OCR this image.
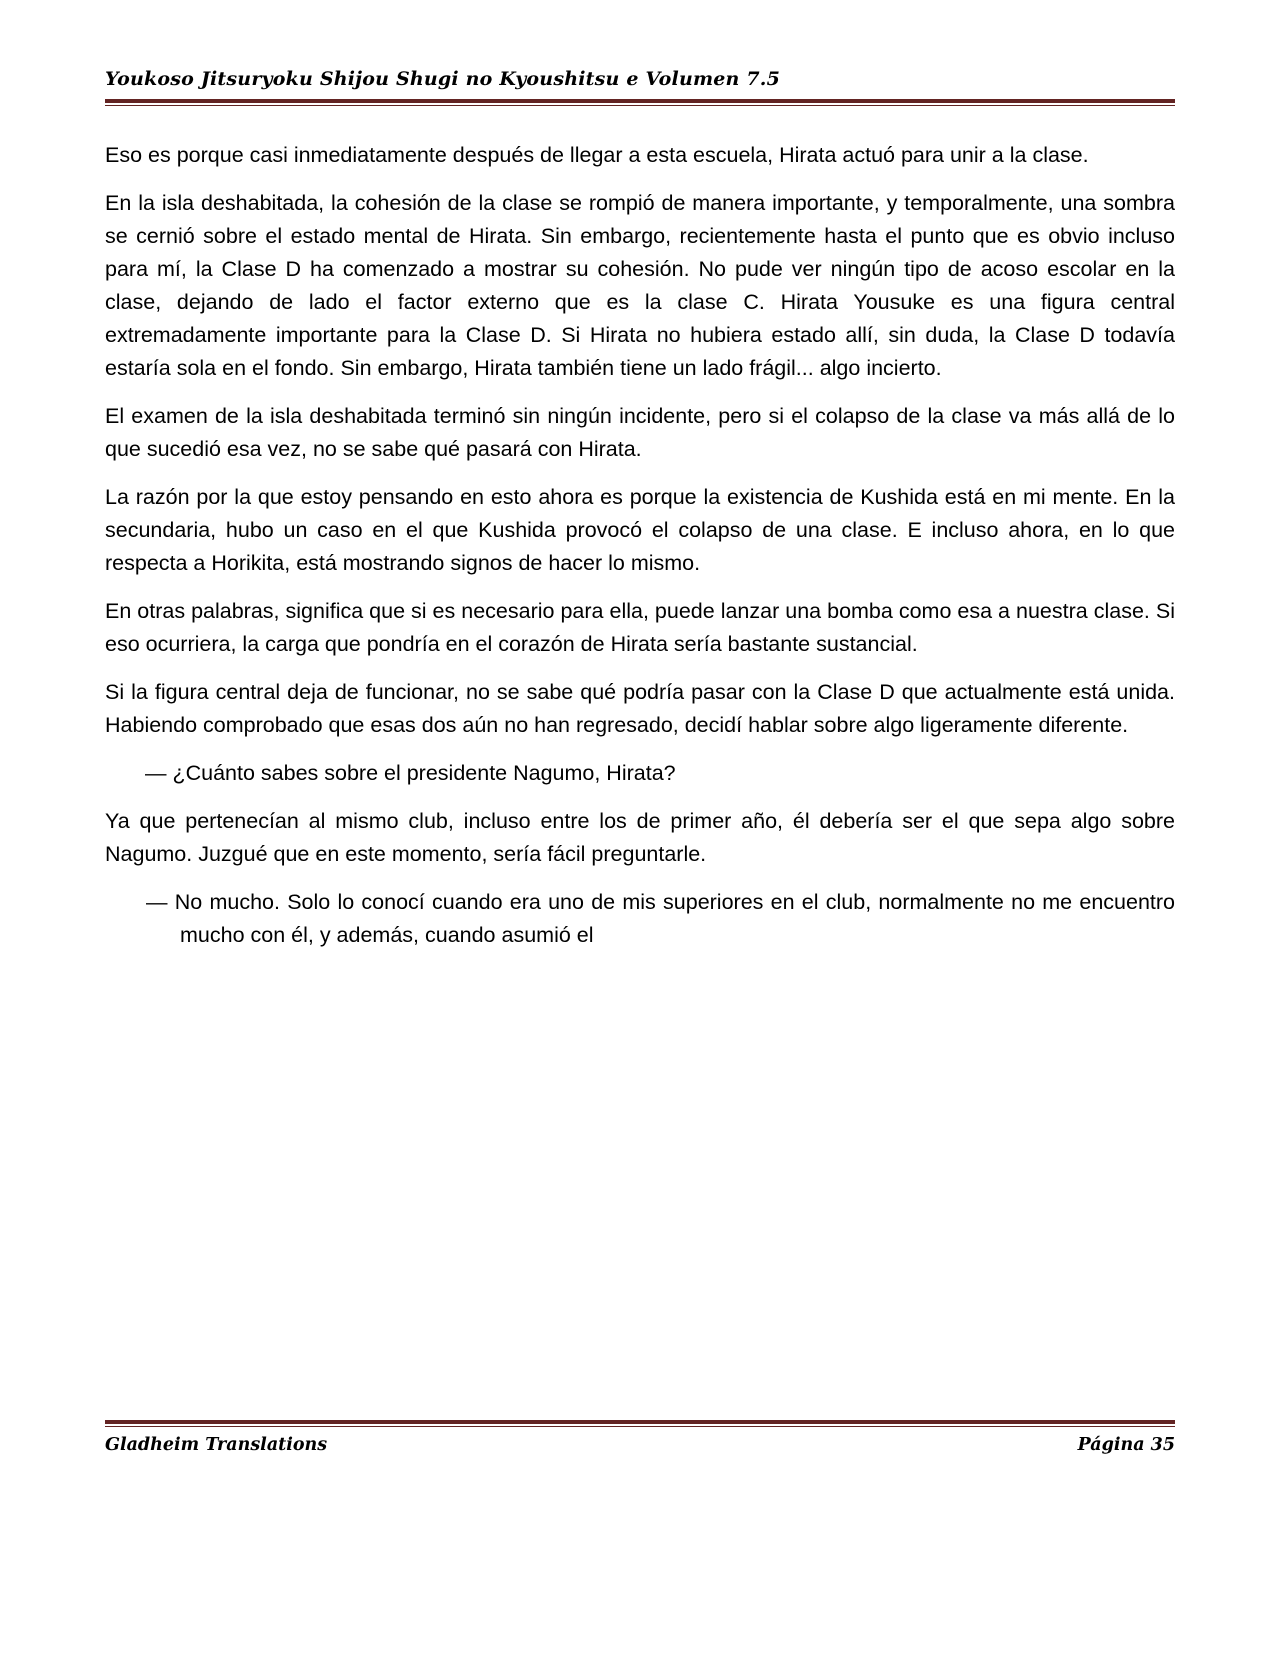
Youkoso Jitsuryoku Shijou Shugi no Kyoushitsu e Volumen 7.5

Eso es porque casi inmediatamente después de llegar a esta escuela, Hirata actuó para unir a la clase.

En la isla deshabitada, la cohesión de la clase se rompió de manera importante, y temporalmente, una sombra se cernió sobre el estado mental de Hirata. Sin embargo, recientemente hasta el punto que es obvio incluso para mí, la Clase D ha comenzado a mostrar su cohesión. No pude ver ningún tipo de acoso escolar en la clase, dejando de lado el factor externo que es la clase C. Hirata Yousuke es una figura central extremadamente importante para la Clase D. Si Hirata no hubiera estado allí, sin duda, la Clase D todavía estaría sola en el fondo. Sin embargo, Hirata también tiene un lado frágil... algo incierto.

El examen de la isla deshabitada terminó sin ningún incidente, pero si el colapso de la clase va más allá de lo que sucedió esa vez, no se sabe qué pasará con Hirata.

La razón por la que estoy pensando en esto ahora es porque la existencia de Kushida está en mi mente. En la secundaria, hubo un caso en el que Kushida provocó el colapso de una clase. E incluso ahora, en lo que respecta a Horikita, está mostrando signos de hacer lo mismo.

En otras palabras, significa que si es necesario para ella, puede lanzar una bomba como esa a nuestra clase. Si eso ocurriera, la carga que pondría en el corazón de Hirata sería bastante sustancial.

Si la figura central deja de funcionar, no se sabe qué podría pasar con la Clase D que actualmente está unida. Habiendo comprobado que esas dos aún no han regresado, decidí hablar sobre algo ligeramente diferente.

— ¿Cuánto sabes sobre el presidente Nagumo, Hirata?

Ya que pertenecían al mismo club, incluso entre los de primer año, él debería ser el que sepa algo sobre Nagumo. Juzgué que en este momento, sería fácil preguntarle.

— No mucho. Solo lo conocí cuando era uno de mis superiores en el club, normalmente no me encuentro mucho con él, y además, cuando asumió el

Gladheim Translations	Página 35
